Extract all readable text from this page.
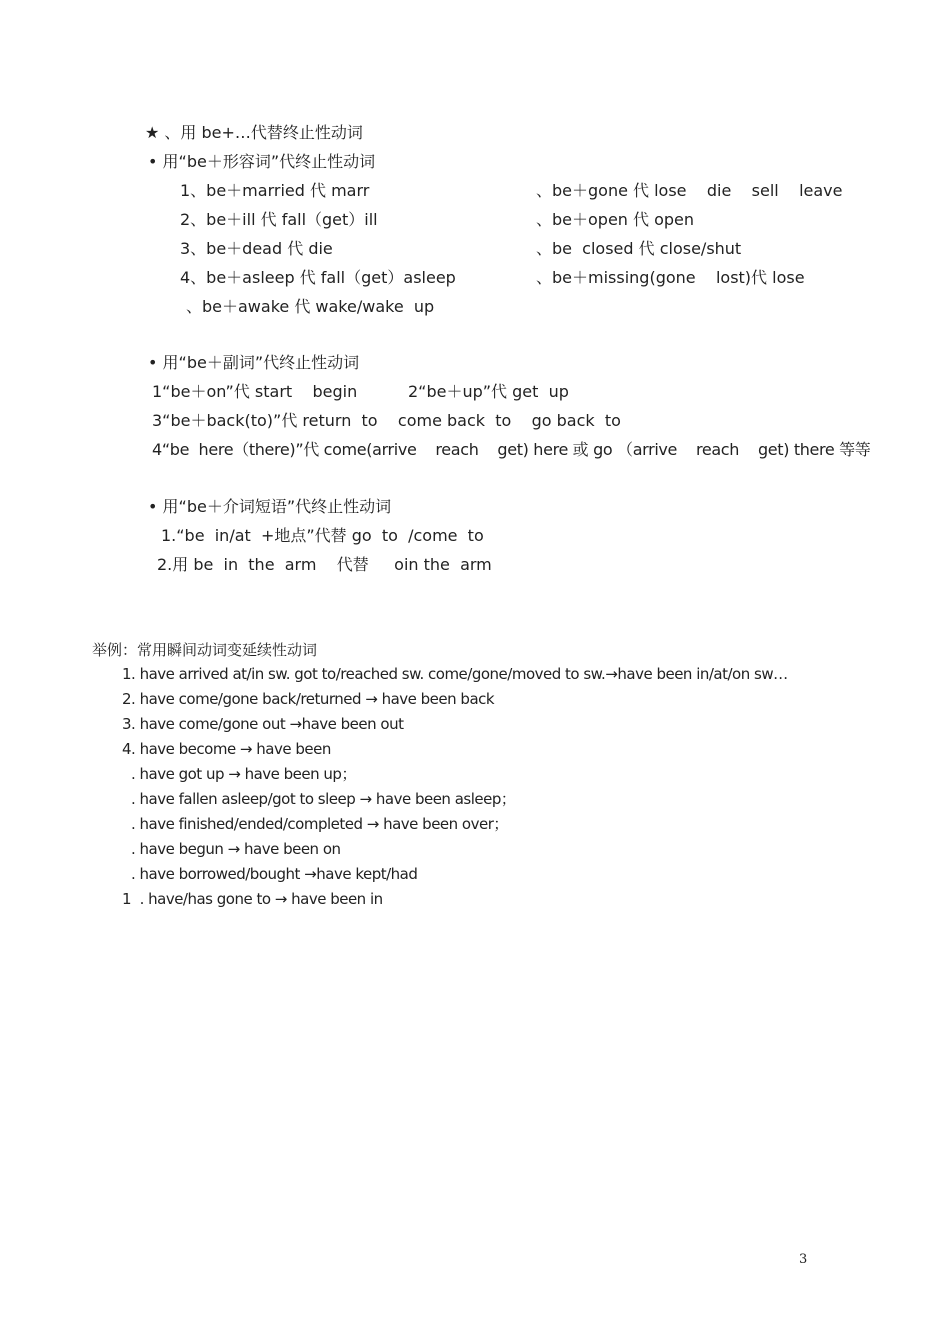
★ 、用 be+…代替终止性动词
• 用“be＋形容词”代终止性动词
1、be＋married 代 marr
2、be＋ill 代 fall（get）ill
3、be＋dead 代 die
4、be＋asleep 代 fall（get）asleep
、be＋awake 代 wake/wake  up
、be＋gone 代 lose    die    sell    leave
、be＋open 代 open
、be  closed 代 close/shut
、be＋missing(gone    lost)代 lose
• 用“be＋副词”代终止性动词
1“be＋on”代 start    begin	2“be＋up”代 get  up
3“be＋back(to)”代 return  to    come back  to    go back  to
4“be  here（there)”代 come(arrive    reach    get) here 或 go （arrive    reach    get) there 等等
• 用“be＋介词短语”代终止性动词
1.“be  in/at  +地点”代替 go  to  /come  to
2.用 be  in  the  arm    代替     oin the  arm
举例：常用瞬间动词变延续性动词
1. have arrived at/in sw. got to/reached sw. come/gone/moved to sw.→have been in/at/on sw…
2. have come/gone back/returned → have been back
3. have come/gone out →have been out
4. have become → have been
. have got up → have been up；
. have fallen asleep/got to sleep → have been asleep；
. have finished/ended/completed → have been over；
. have begun → have been on
. have borrowed/bought →have kept/had
1  . have/has gone to → have been in
3
